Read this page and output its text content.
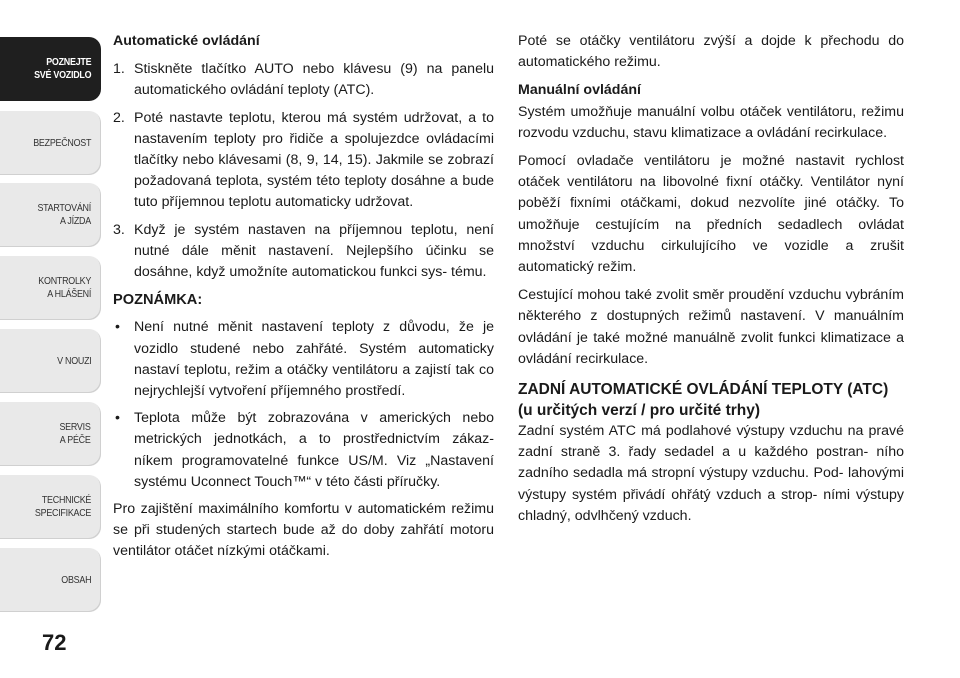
POZNEJTE
SVÉ VOZIDLO
BEZPEČNOST
STARTOVÁNÍ
A JÍZDA
KONTROLKY
A HLÁŠENÍ
V NOUZI
SERVIS
A PÉČE
TECHNICKÉ
SPECIFIKACE
OBSAH
72
Automatické ovládání
1. Stiskněte tlačítko AUTO nebo klávesu (9) na panelu automatického ovládání teploty (ATC).
2. Poté nastavte teplotu, kterou má systém udržovat, a to nastavením teploty pro řidiče a spolujezdce ovládacími tlačítky nebo klávesami (8, 9, 14, 15). Jakmile se zobrazí požadovaná teplota, systém této teploty dosáhne a bude tuto příjemnou teplotu automaticky udržovat.
3. Když je systém nastaven na příjemnou teplotu, není nutné dále měnit nastavení. Nejlepšího účinku se dosáhne, když umožníte automatickou funkci sys- tému.
POZNÁMKA:
• Není nutné měnit nastavení teploty z důvodu, že je vozidlo studené nebo zahřáté. Systém automaticky nastaví teplotu, režim a otáčky ventilátoru a zajistí tak co nejrychlejší vytvoření příjemného prostředí.
• Teplota může být zobrazována v amerických nebo metrických jednotkách, a to prostřednictvím zákaz- níkem programovatelné funkce US/M. Viz „Nastavení systému Uconnect Touch™“ v této části příručky.
Pro zajištění maximálního komfortu v automatickém režimu se při studených startech bude až do doby zahřátí motoru ventilátor otáčet nízkými otáčkami.
Poté se otáčky ventilátoru zvýší a dojde k přechodu do automatického režimu.
Manuální ovládání
Systém umožňuje manuální volbu otáček ventilátoru, režimu rozvodu vzduchu, stavu klimatizace a ovládání recirkulace.
Pomocí ovladače ventilátoru je možné nastavit rychlost otáček ventilátoru na libovolné fixní otáčky. Ventilátor nyní poběží fixními otáčkami, dokud nezvolíte jiné otáčky. To umožňuje cestujícím na předních sedadlech ovládat množství vzduchu cirkulujícího ve vozidle a zrušit automatický režim.
Cestující mohou také zvolit směr proudění vzduchu vybráním některého z dostupných režimů nastavení. V manuálním ovládání je také možné manuálně zvolit funkci klimatizace a ovládání recirkulace.
ZADNÍ AUTOMATICKÉ OVLÁDÁNÍ TEPLOTY (ATC) (u určitých verzí / pro určité trhy)
Zadní systém ATC má podlahové výstupy vzduchu na pravé zadní straně 3. řady sedadel a u každého postran- ního zadního sedadla má stropní výstupy vzduchu. Pod- lahovými výstupy systém přivádí ohřátý vzduch a strop- ními výstupy chladný, odvlhčený vzduch.
